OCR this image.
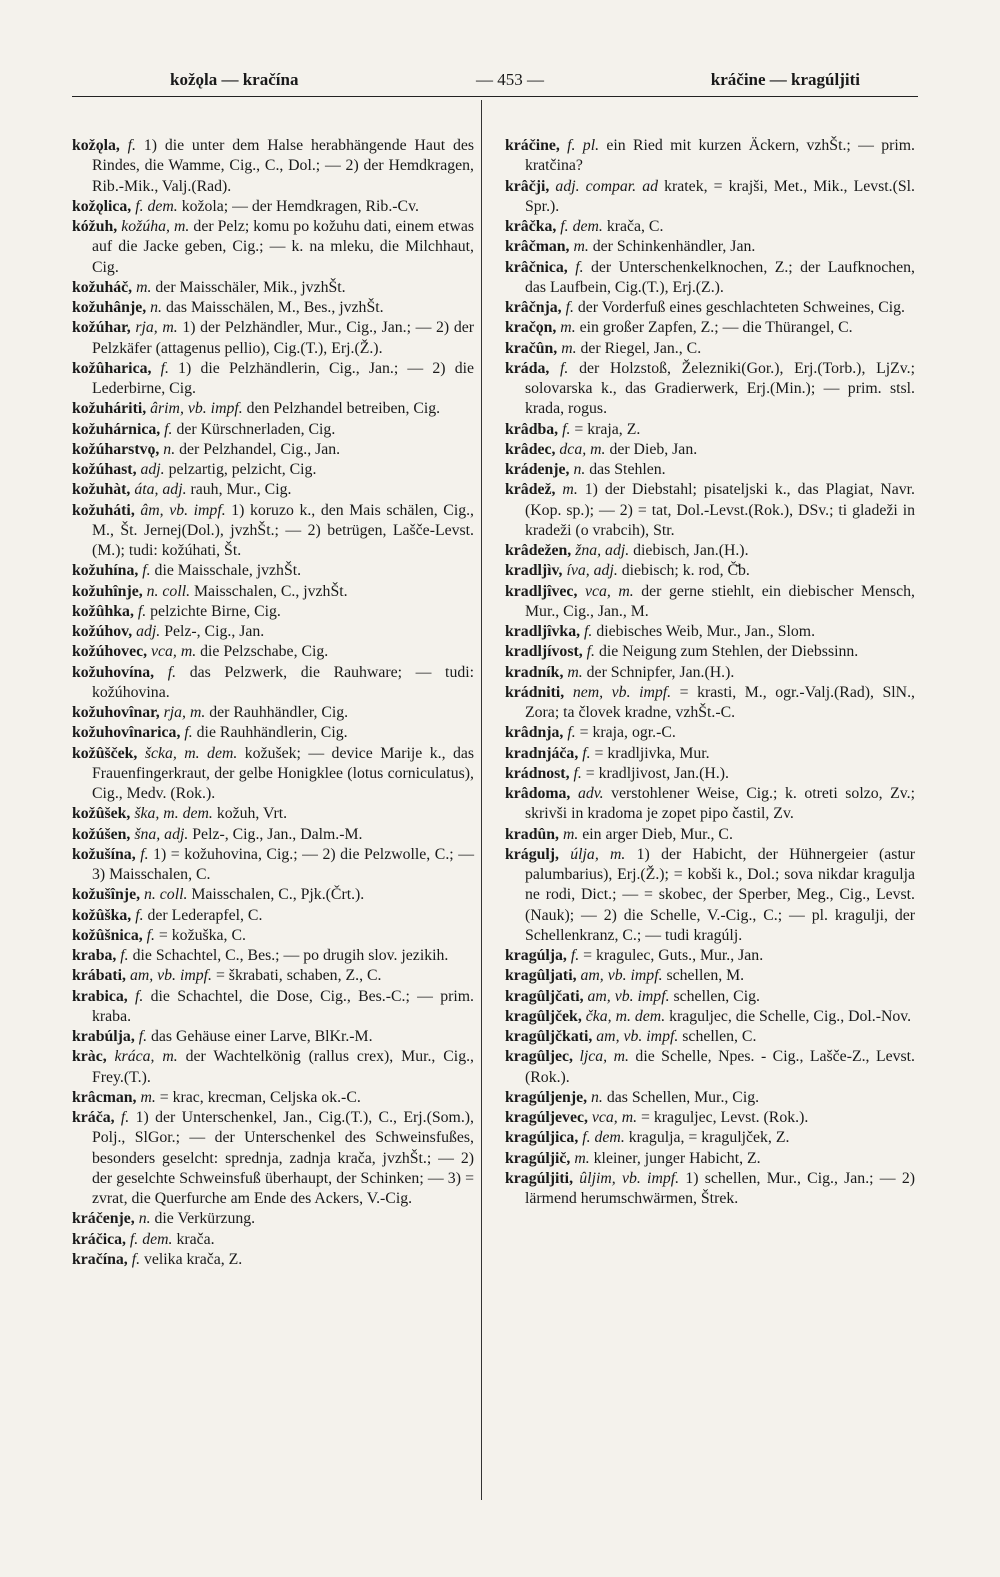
kožǫla — kračína	— 453 —	kráčine — kragúljiti

kožǫla, f. 1) die unter dem Halse herabhängende Haut des Rindes, die Wamme, Cig., C., Dol.; — 2) der Hemdkragen, Rib.-Mik., Valj.(Rad).

kožǫlica, f. dem. kožola; — der Hemdkragen, Rib.-Cv.

kóžuh, kožúha, m. der Pelz; komu po kožuhu dati, einem etwas auf die Jacke geben, Cig.; — k. na mleku, die Milchhaut, Cig.

kožuháč, m. der Maisschäler, Mik., jvzhŠt.

kožuhânje, n. das Maisschälen, M., Bes., jvzhŠt.

kožúhar, rja, m. 1) der Pelzhändler, Mur., Cig., Jan.; — 2) der Pelzkäfer (attagenus pellio), Cig.(T.), Erj.(Ž.).

kožûharica, f. 1) die Pelzhändlerin, Cig., Jan.; — 2) die Lederbirne, Cig.

kožuháriti, ârim, vb. impf. den Pelzhandel betreiben, Cig.

kožuhárnica, f. der Kürschnerladen, Cig.

kožúharstvǫ, n. der Pelzhandel, Cig., Jan.

kožúhast, adj. pelzartig, pelzicht, Cig.

kožuhàt, áta, adj. rauh, Mur., Cig.

kožuháti, âm, vb. impf. 1) koruzo k., den Mais schälen, Cig., M., Št. Jernej(Dol.), jvzhŠt.; — 2) betrügen, Lašče-Levst.(M.); tudi: kožúhati, Št.

kožuhína, f. die Maisschale, jvzhŠt.

kožuhînje, n. coll. Maisschalen, C., jvzhŠt.

kožûhka, f. pelzichte Birne, Cig.

kožúhov, adj. Pelz-, Cig., Jan.

kožúhovec, vca, m. die Pelzschabe, Cig.

kožuhovína, f. das Pelzwerk, die Rauhware; — tudi: kožúhovina.

kožuhovînar, rja, m. der Rauhhändler, Cig.

kožuhovînarica, f. die Rauhhändlerin, Cig.

kožûšček, šcka, m. dem. kožušek; — device Marije k., das Frauenfingerkraut, der gelbe Honigklee (lotus corniculatus), Cig., Medv. (Rok.).

kožûšek, ška, m. dem. kožuh, Vrt.

kožúšen, šna, adj. Pelz-, Cig., Jan., Dalm.-M.

kožušína, f. 1) = kožuhovina, Cig.; — 2) die Pelzwolle, C.; — 3) Maisschalen, C.

kožušînje, n. coll. Maisschalen, C., Pjk.(Črt.).

kožûška, f. der Lederapfel, C.

kožûšnica, f. = kožuška, C.

kraba, f. die Schachtel, C., Bes.; — po drugih slov. jezikih.

krábati, am, vb. impf. = škrabati, schaben, Z., C.

krabica, f. die Schachtel, die Dose, Cig., Bes.-C.; — prim. kraba.

krabúlja, f. das Gehäuse einer Larve, BlKr.-M.

kràc, kráca, m. der Wachtelkönig (rallus crex), Mur., Cig., Frey.(T.).

krâcman, m. = krac, krecman, Celjska ok.-C.

kráča, f. 1) der Unterschenkel, Jan., Cig.(T.), C., Erj.(Som.), Polj., SlGor.; — der Unterschenkel des Schweinsfußes, besonders geselcht: sprednja, zadnja krača, jvzhŠt.; — 2) der geselchte Schweinsfuß überhaupt, der Schinken; — 3) = zvrat, die Querfurche am Ende des Ackers, V.-Cig.

kráčenje, n. die Verkürzung.

kráčica, f. dem. krača.

kračína, f. velika krača, Z.

kráčine, f. pl. ein Ried mit kurzen Äckern, vzhŠt.; — prim. kratčina?

krâčji, adj. compar. ad kratek, = krajši, Met., Mik., Levst.(Sl. Spr.).

krâčka, f. dem. krača, C.

krâčman, m. der Schinkenhändler, Jan.

krâčnica, f. der Unterschenkelknochen, Z.; der Laufknochen, das Laufbein, Cig.(T.), Erj.(Z.).

krâčnja, f. der Vorderfuß eines geschlachteten Schweines, Cig.

kračǫn, m. ein großer Zapfen, Z.; — die Thürangel, C.

kračûn, m. der Riegel, Jan., C.

kráda, f. der Holzstoß, Železniki(Gor.), Erj.(Torb.), LjZv.; solovarska k., das Gradierwerk, Erj.(Min.); — prim. stsl. krada, rogus.

krâdba, f. = kraja, Z.

krâdec, dca, m. der Dieb, Jan.

krádenje, n. das Stehlen.

krâdež, m. 1) der Diebstahl; pisateljski k., das Plagiat, Navr.(Kop. sp.); — 2) = tat, Dol.-Levst.(Rok.), DSv.; ti gladeži in kradeži (o vrabcih), Str.

krâdežen, žna, adj. diebisch, Jan.(H.).

kradljìv, íva, adj. diebisch; k. rod, Č̌b.

kradljîvec, vca, m. der gerne stiehlt, ein diebischer Mensch, Mur., Cig., Jan., M.

kradljîvka, f. diebisches Weib, Mur., Jan., Slom.

kradljívost, f. die Neigung zum Stehlen, der Diebssinn.

kradník, m. der Schnipfer, Jan.(H.).

krádniti, nem, vb. impf. = krasti, M., ogr.-Valj.(Rad), SlN., Zora; ta človek kradne, vzhŠt.-C.

krâdnja, f. = kraja, ogr.-C.

kradnjáča, f. = kradljivka, Mur.

krádnost, f. = kradljivost, Jan.(H.).

krâdoma, adv. verstohlener Weise, Cig.; k. otreti solzo, Zv.; skrivši in kradoma je zopet pipo častil, Zv.

kradûn, m. ein arger Dieb, Mur., C.

krágulj, úlja, m. 1) der Habicht, der Hühnergeier (astur palumbarius), Erj.(Ž.); = kobši k., Dol.; sova nikdar kragulja ne rodi, Dict.; — = skobec, der Sperber, Meg., Cig., Levst.(Nauk); — 2) die Schelle, V.-Cig., C.; — pl. kragulji, der Schellenkranz, C.; — tudi kragúlj.

kragúlja, f. = kragulec, Guts., Mur., Jan.

kragûljati, am, vb. impf. schellen, M.

kragûljčati, am, vb. impf. schellen, Cig.

kragûljček, čka, m. dem. kraguljec, die Schelle, Cig., Dol.-Nov.

kragûljčkati, am, vb. impf. schellen, C.

kragûljec, ljca, m. die Schelle, Npes. - Cig., Lašče-Z., Levst.(Rok.).

kragúljenje, n. das Schellen, Mur., Cig.

kragúljevec, vca, m. = kraguljec, Levst. (Rok.).

kragúljica, f. dem. kragulja, = kraguljček, Z.

kragúljič, m. kleiner, junger Habicht, Z.

kragúljiti, ûljim, vb. impf. 1) schellen, Mur., Cig., Jan.; — 2) lärmend herumschwärmen, Štrek.
